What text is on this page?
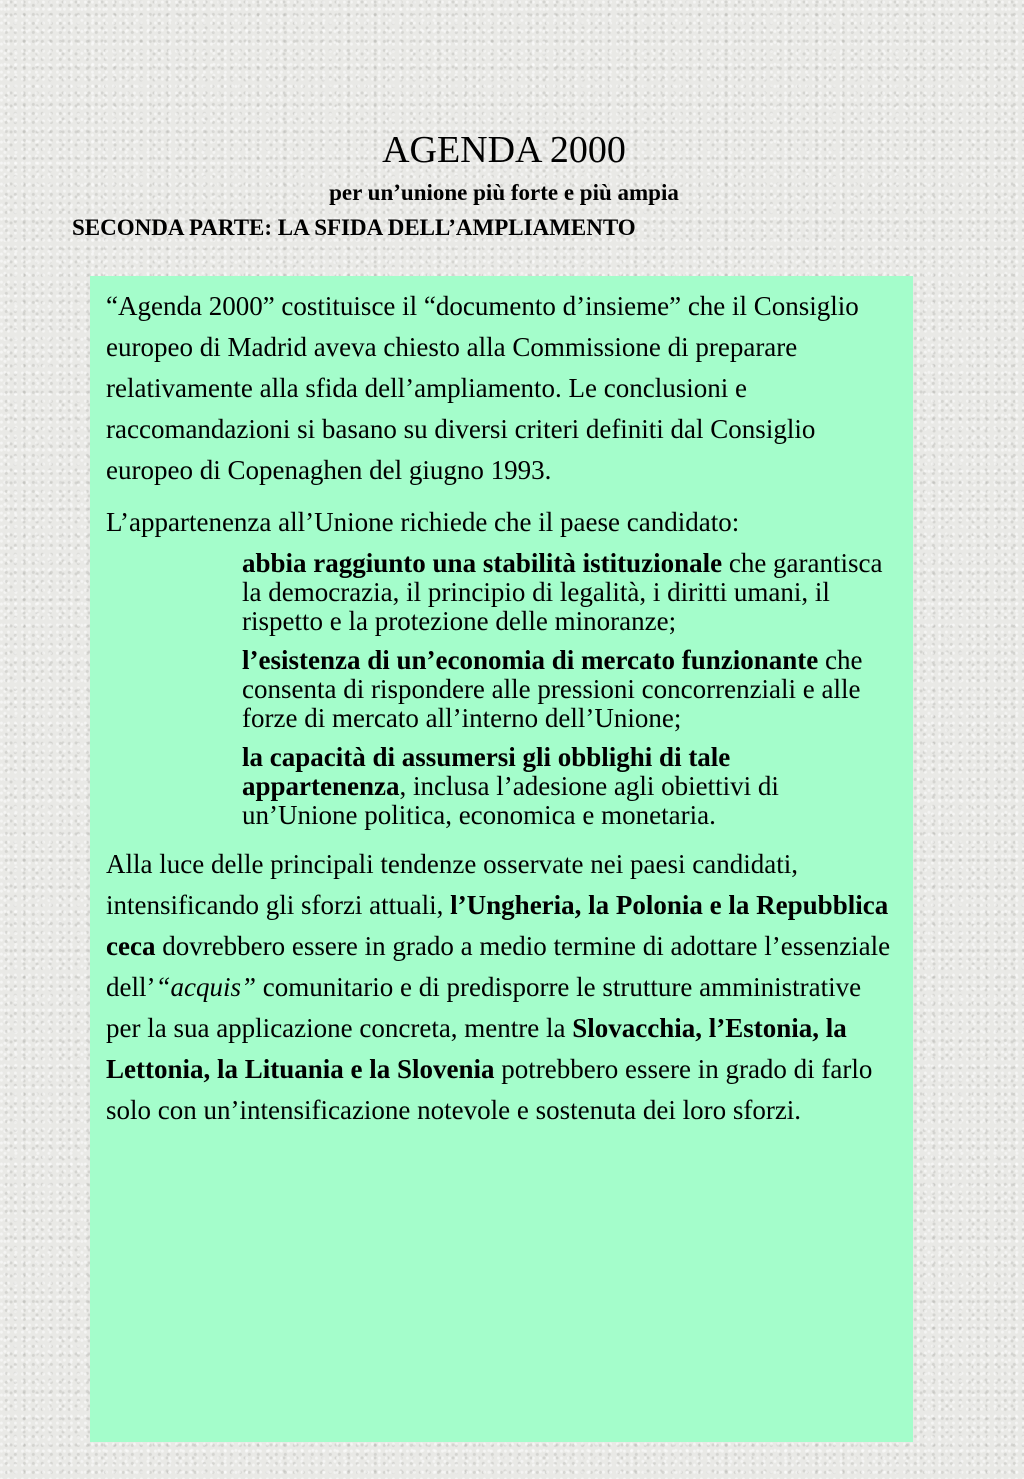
AGENDA 2000
per un’unione più forte e più ampia
SECONDA PARTE: LA SFIDA DELL’AMPLIAMENTO

“Agenda 2000” costituisce il “documento d’insieme” che il Consiglio europeo di Madrid aveva chiesto alla Commissione di preparare relativamente alla sfida dell’ampliamento. Le conclusioni e raccomandazioni si basano su diversi criteri definiti dal Consiglio europeo di Copenaghen del giugno 1993.

L’appartenenza all’Unione richiede che il paese candidato:

abbia raggiunto una stabilità istituzionale che garantisca la democrazia, il principio di legalità, i diritti umani, il rispetto e la protezione delle minoranze;
l’esistenza di un’economia di mercato funzionante che consenta di rispondere alle pressioni concorrenziali e alle forze di mercato all’interno dell’Unione;
la capacità di assumersi gli obblighi di tale appartenenza, inclusa l’adesione agli obiettivi di un’Unione politica, economica e monetaria.

Alla luce delle principali tendenze osservate nei paesi candidati, intensificando gli sforzi attuali, l’Ungheria, la Polonia e la Repubblica ceca dovrebbero essere in grado a medio termine di adottare l’essenziale dell’“acquis” comunitario e di predisporre le strutture amministrative per la sua applicazione concreta, mentre la Slovacchia, l’Estonia, la Lettonia, la Lituania e la Slovenia potrebbero essere in grado di farlo solo con un’intensificazione notevole e sostenuta dei loro sforzi.
